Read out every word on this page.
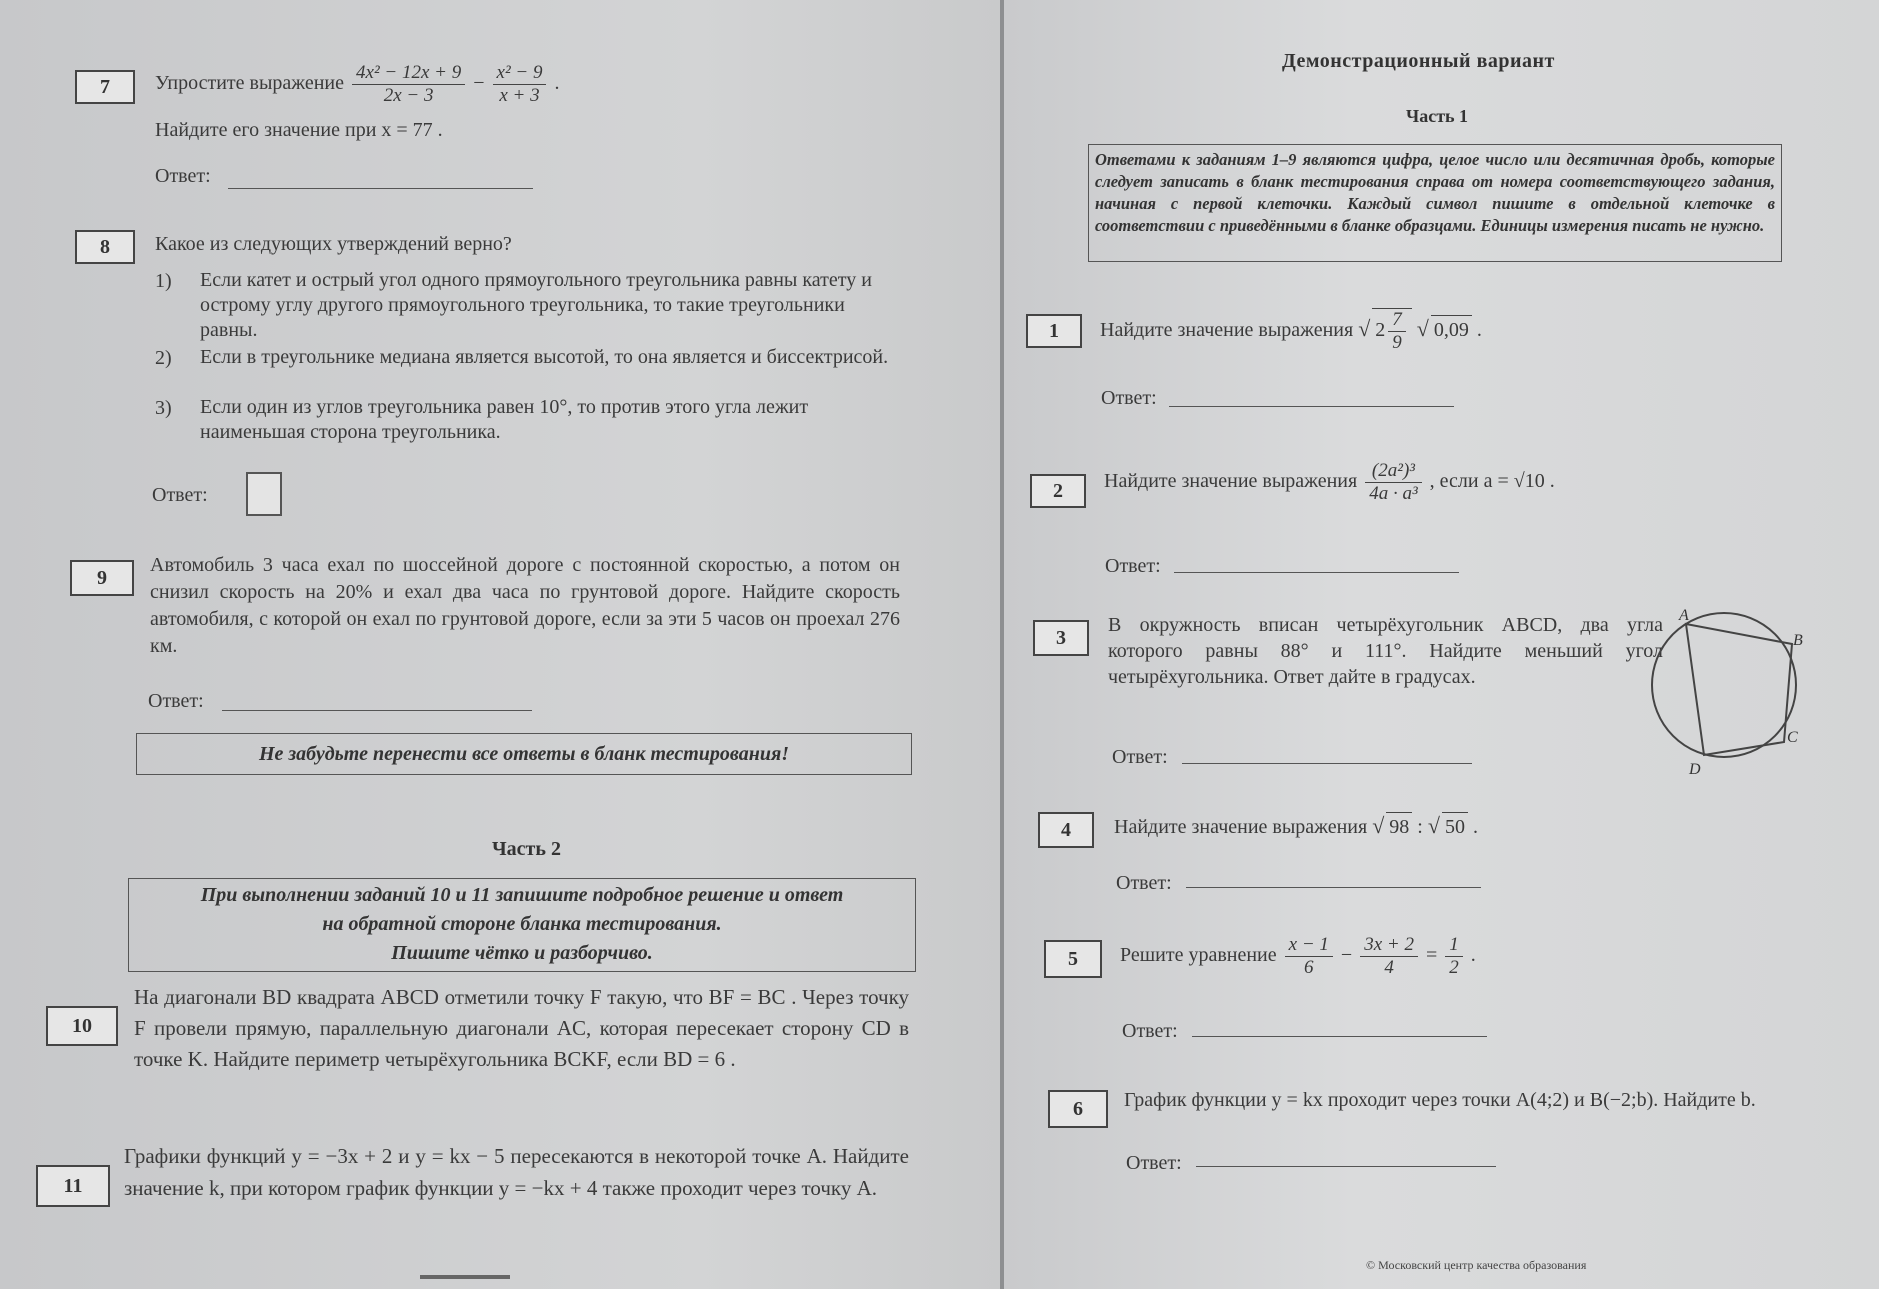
7	Упростите выражение $\frac{\text{4x² − 12x + 9}}{2x - 3} - \frac{\text{x² − 9}}{x + 3}$ .
Найдите его значение при x = 77 .
Ответ:
8	Какое из следующих утверждений верно?
1) Если катет и острый угол одного прямоугольного треугольника равны катету и острому углу другого прямоугольного треугольника, то такие треугольники равны.
2) Если в треугольнике медиана является высотой, то она является и биссектрисой.
3) Если один из углов треугольника равен 10°, то против этого угла лежит наименьшая сторона треугольника.
Ответ:
9
Автомобиль 3 часа ехал по шоссейной дороге с постоянной скоростью, а потом он снизил скорость на 20% и ехал два часа по грунтовой дороге. Найдите скорость автомобиля, с которой он ехал по грунтовой дороге, если за эти 5 часов он проехал 276 км.
Ответ:
Не забудьте перенести все ответы в бланк тестирования!
Часть 2
При выполнении заданий 10 и 11 запишите подробное решение и ответ
на обратной стороне бланка тестирования.
Пишите чётко и разборчиво.
10
На диагонали BD квадрата ABCD отметили точку F такую, что BF = BC . Через точку F провели прямую, параллельную диагонали AC, которая пересекает сторону CD в точке K. Найдите периметр четырёхугольника BCKF, если BD = 6 .
11
Графики функций y = −3x + 2 и y = kx − 5 пересекаются в некоторой точке A. Найдите значение k, при котором график функции y = −kx + 4 также проходит через точку A.
Демонстрационный вариант
Часть 1
Ответами к заданиям 1–9 являются цифра, целое число или десятичная дробь, которые следует записать в бланк тестирования справа от номера соответствующего задания, начиная с первой клеточки. Каждый символ пишите в отдельной клеточке в соответствии с приведёнными в бланке образцами. Единицы измерения писать не нужно.
1	Найдите значение выражения √ $2 \frac{7}{9}$ √ 0,09 .
Ответ:
2	Найдите значение выражения $\frac{\text{(2a²)³}}{\text{4a · a³}}$ , если a = √10 .
Ответ:
3
В окружность вписан четырёхугольник ABCD, два угла которого равны 88° и 111°. Найдите меньший угол четырёхугольника. Ответ дайте в градусах.
A
B
C
D
Ответ:
4	Найдите значение выражения √ 98 : √ 50 .
Ответ:
5	Решите уравнение $\frac{x - 1}{6} - \frac{3x + 2}{4} = \frac{1}{2}$ .
Ответ:
6	График функции y = kx проходит через точки A(4;2) и B(−2;b). Найдите b.
Ответ:
© Московский центр качества образования
